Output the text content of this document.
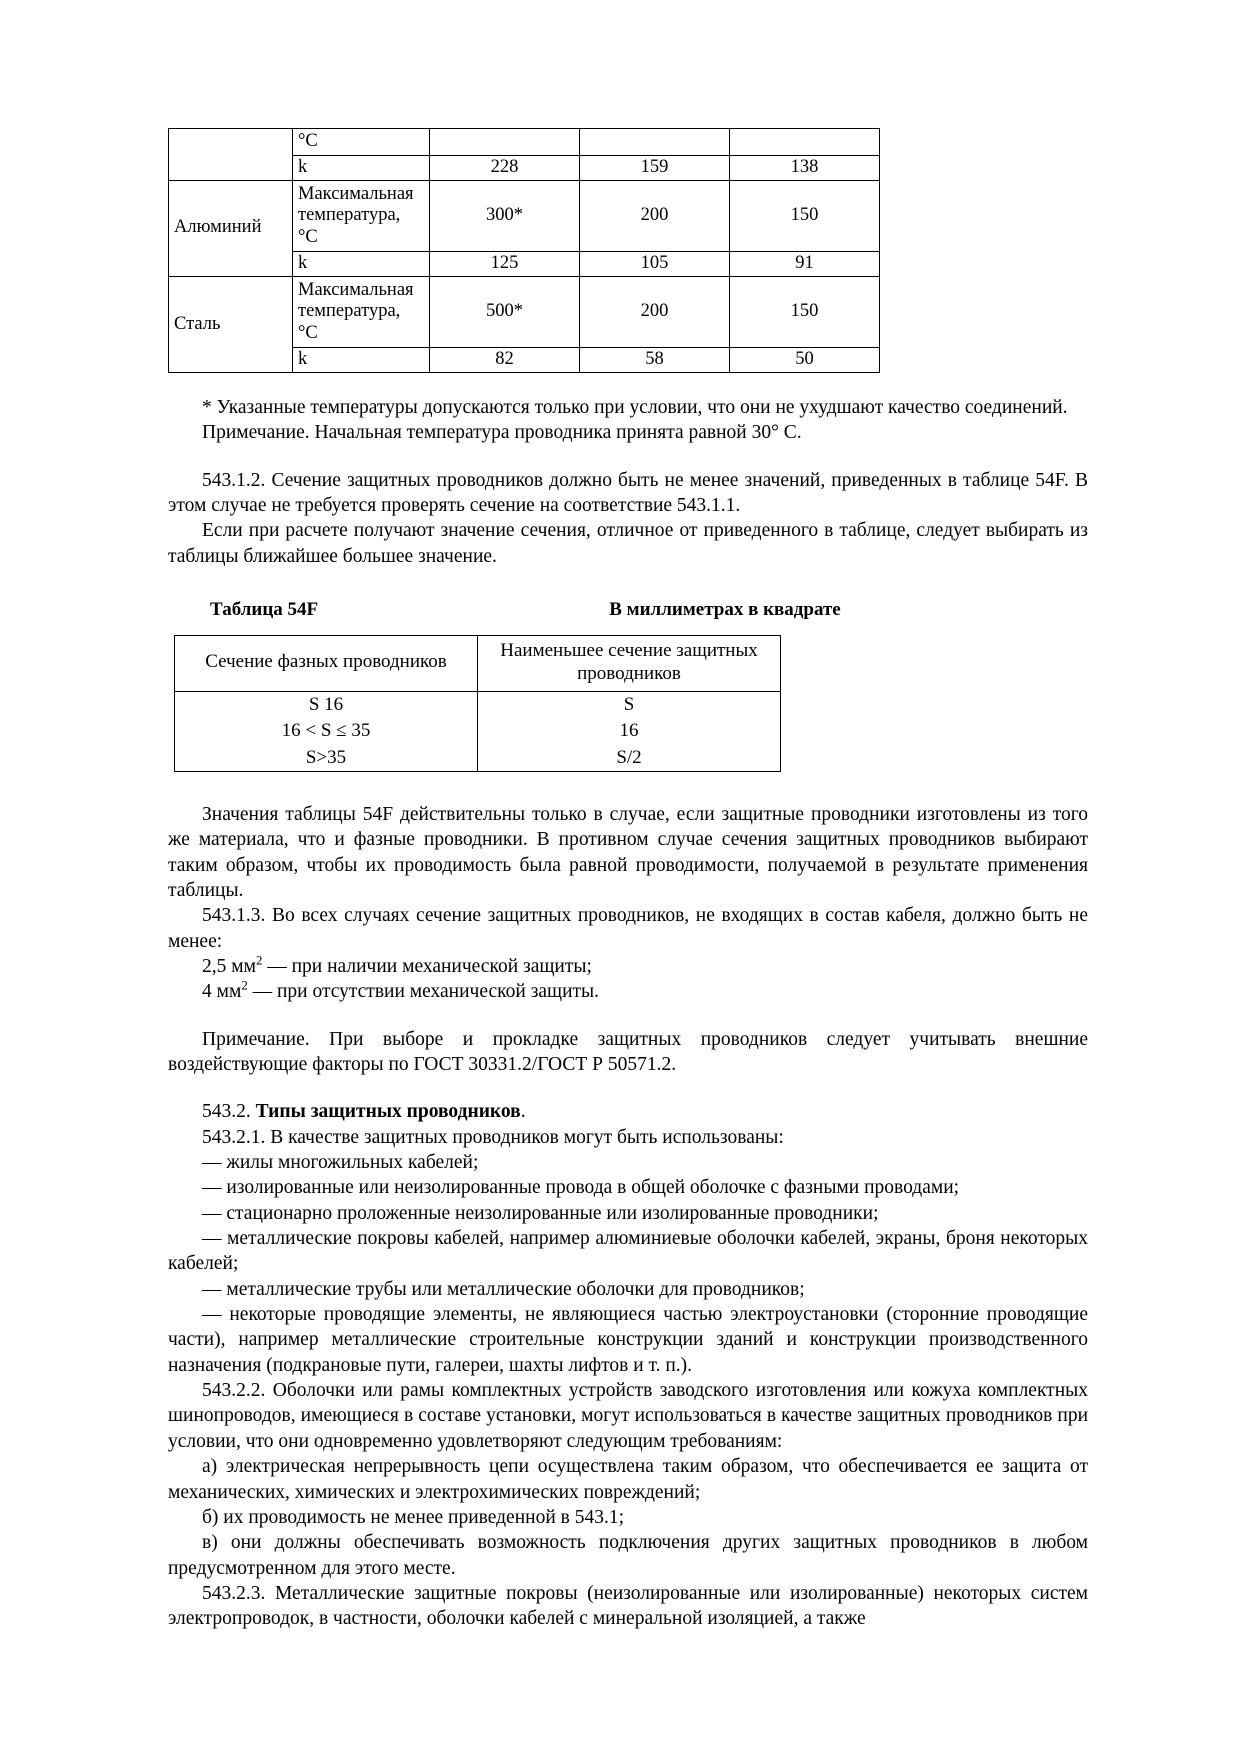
	°C			
	k	228	159	138
Алюминий	Максимальная температура, °C	300*	200	150
	k	125	105	91
Сталь	Максимальная температура, °C	500*	200	150
	k	82	58	50

* Указанные температуры допускаются только при условии, что они не ухудшают качество соединений.

Примечание. Начальная температура проводника принята равной 30° С.

543.1.2. Сечение защитных проводников должно быть не менее значений, приведенных в таблице 54F. В этом случае не требуется проверять сечение на соответствие 543.1.1.

Если при расчете получают значение сечения, отличное от приведенного в таблице, следует выбирать из таблицы ближайшее большее значение.

Таблица 54F	В миллиметрах в квадрате
Сечение фазных проводников	Наименьшее сечение защитных
проводников
S 16	S
16 < S ≤ 35	16
S>35	S/2

Значения таблицы 54F действительны только в случае, если защитные проводники изготовлены из того же материала, что и фазные проводники. В противном случае сечения защитных проводников выбирают таким образом, чтобы их проводимость была равной проводимости, получаемой в результате применения таблицы.

543.1.3. Во всех случаях сечение защитных проводников, не входящих в состав кабеля, должно быть не менее:

2,5 $мм^2$ — при наличии механической защиты;

4 $мм^2$ — при отсутствии механической защиты.

Примечание. При выборе и прокладке защитных проводников следует учитывать внешние воздействующие факторы по ГОСТ 30331.2/ГОСТ Р 50571.2.

543.2. Типы защитных проводников.

543.2.1. В качестве защитных проводников могут быть использованы:

— жилы многожильных кабелей;

— изолированные или неизолированные провода в общей оболочке с фазными проводами;

— стационарно проложенные неизолированные или изолированные проводники;

— металлические покровы кабелей, например алюминиевые оболочки кабелей, экраны, броня некоторых кабелей;

— металлические трубы или металлические оболочки для проводников;

— некоторые проводящие элементы, не являющиеся частью электроустановки (сторонние проводящие части), например металлические строительные конструкции зданий и конструкции производственного назначения (подкрановые пути, галереи, шахты лифтов и т. п.).

543.2.2. Оболочки или рамы комплектных устройств заводского изготовления или кожуха комплектных шинопроводов, имеющиеся в составе установки, могут использоваться в качестве защитных проводников при условии, что они одновременно удовлетворяют следующим требованиям:

а) электрическая непрерывность цепи осуществлена таким образом, что обеспечивается ее защита от механических, химических и электрохимических повреждений;

б) их проводимость не менее приведенной в 543.1;

в) они должны обеспечивать возможность подключения других защитных проводников в любом предусмотренном для этого месте.

543.2.3. Металлические защитные покровы (неизолированные или изолированные) некоторых систем электропроводок, в частности, оболочки кабелей с минеральной изоляцией, а также
